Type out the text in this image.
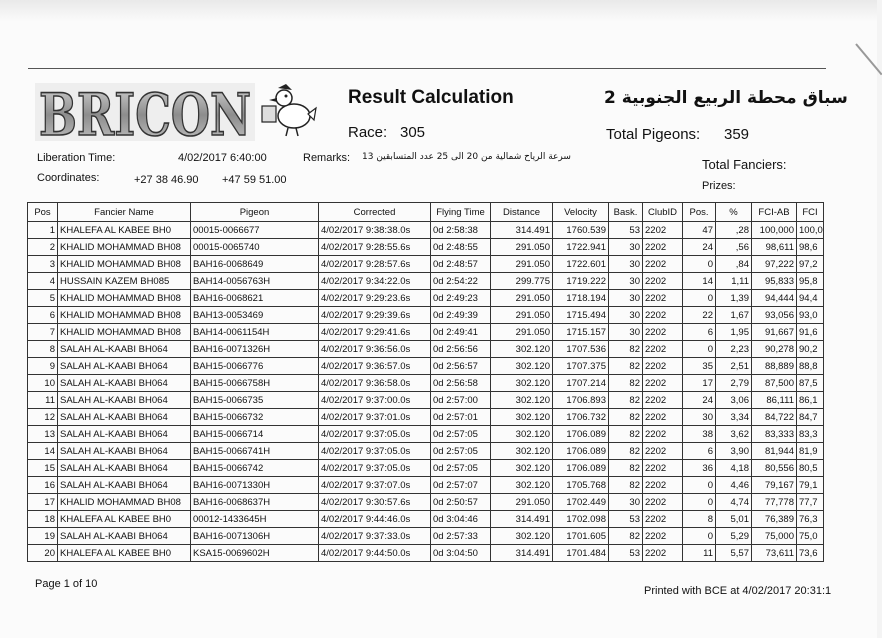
BRICON	Result Calculation
Race: 305
سباق محطة الربيع الجنوبية 2
Total Pigeons: 359
Liberation Time:	4/02/2017 6:40:00	Remarks: سرعة الرياح شمالية من 20 الى 25 عدد المتسابقين 13	Total Fanciers:
Coordinates:	+27 38 46.90 +47 59 51.00	Prizes:
Pos	Fancier Name	Pigeon	Corrected	Flying Time	Distance	Velocity	Bask.	ClubID	Pos.	%	FCI-AB	FCI
1	KHALEFA AL KABEE BH0	00015-0066677	4/02/2017 9:38:38.0s	0d 2:58:38	314.491	1760.539	53	2202	47	,28	100,000	100,0
2	KHALID MOHAMMAD BH08	00015-0065740	4/02/2017 9:28:55.6s	0d 2:48:55	291.050	1722.941	30	2202	24	,56	98,611	98,6
3	KHALID MOHAMMAD BH08	BAH16-0068649	4/02/2017 9:28:57.6s	0d 2:48:57	291.050	1722.601	30	2202	0	,84	97,222	97,2
4	HUSSAIN KAZEM BH085	BAH14-0056763H	4/02/2017 9:34:22.0s	0d 2:54:22	299.775	1719.222	30	2202	14	1,11	95,833	95,8
5	KHALID MOHAMMAD BH08	BAH16-0068621	4/02/2017 9:29:23.6s	0d 2:49:23	291.050	1718.194	30	2202	0	1,39	94,444	94,4
6	KHALID MOHAMMAD BH08	BAH13-0053469	4/02/2017 9:29:39.6s	0d 2:49:39	291.050	1715.494	30	2202	22	1,67	93,056	93,0
7	KHALID MOHAMMAD BH08	BAH14-0061154H	4/02/2017 9:29:41.6s	0d 2:49:41	291.050	1715.157	30	2202	6	1,95	91,667	91,6
8	SALAH AL-KAABI BH064	BAH16-0071326H	4/02/2017 9:36:56.0s	0d 2:56:56	302.120	1707.536	82	2202	0	2,23	90,278	90,2
9	SALAH AL-KAABI BH064	BAH15-0066776	4/02/2017 9:36:57.0s	0d 2:56:57	302.120	1707.375	82	2202	35	2,51	88,889	88,8
10	SALAH AL-KAABI BH064	BAH15-0066758H	4/02/2017 9:36:58.0s	0d 2:56:58	302.120	1707.214	82	2202	17	2,79	87,500	87,5
11	SALAH AL-KAABI BH064	BAH15-0066735	4/02/2017 9:37:00.0s	0d 2:57:00	302.120	1706.893	82	2202	24	3,06	86,111	86,1
12	SALAH AL-KAABI BH064	BAH15-0066732	4/02/2017 9:37:01.0s	0d 2:57:01	302.120	1706.732	82	2202	30	3,34	84,722	84,7
13	SALAH AL-KAABI BH064	BAH15-0066714	4/02/2017 9:37:05.0s	0d 2:57:05	302.120	1706.089	82	2202	38	3,62	83,333	83,3
14	SALAH AL-KAABI BH064	BAH15-0066741H	4/02/2017 9:37:05.0s	0d 2:57:05	302.120	1706.089	82	2202	6	3,90	81,944	81,9
15	SALAH AL-KAABI BH064	BAH15-0066742	4/02/2017 9:37:05.0s	0d 2:57:05	302.120	1706.089	82	2202	36	4,18	80,556	80,5
16	SALAH AL-KAABI BH064	BAH16-0071330H	4/02/2017 9:37:07.0s	0d 2:57:07	302.120	1705.768	82	2202	0	4,46	79,167	79,1
17	KHALID MOHAMMAD BH08	BAH16-0068637H	4/02/2017 9:30:57.6s	0d 2:50:57	291.050	1702.449	30	2202	0	4,74	77,778	77,7
18	KHALEFA AL KABEE BH0	00012-1433645H	4/02/2017 9:44:46.0s	0d 3:04:46	314.491	1702.098	53	2202	8	5,01	76,389	76,3
19	SALAH AL-KAABI BH064	BAH16-0071306H	4/02/2017 9:37:33.0s	0d 2:57:33	302.120	1701.605	82	2202	0	5,29	75,000	75,0
20	KHALEFA AL KABEE BH0	KSA15-0069602H	4/02/2017 9:44:50.0s	0d 3:04:50	314.491	1701.484	53	2202	11	5,57	73,611	73,6
Page 1 of 10
Printed with BCE at 4/02/2017 20:31:1
